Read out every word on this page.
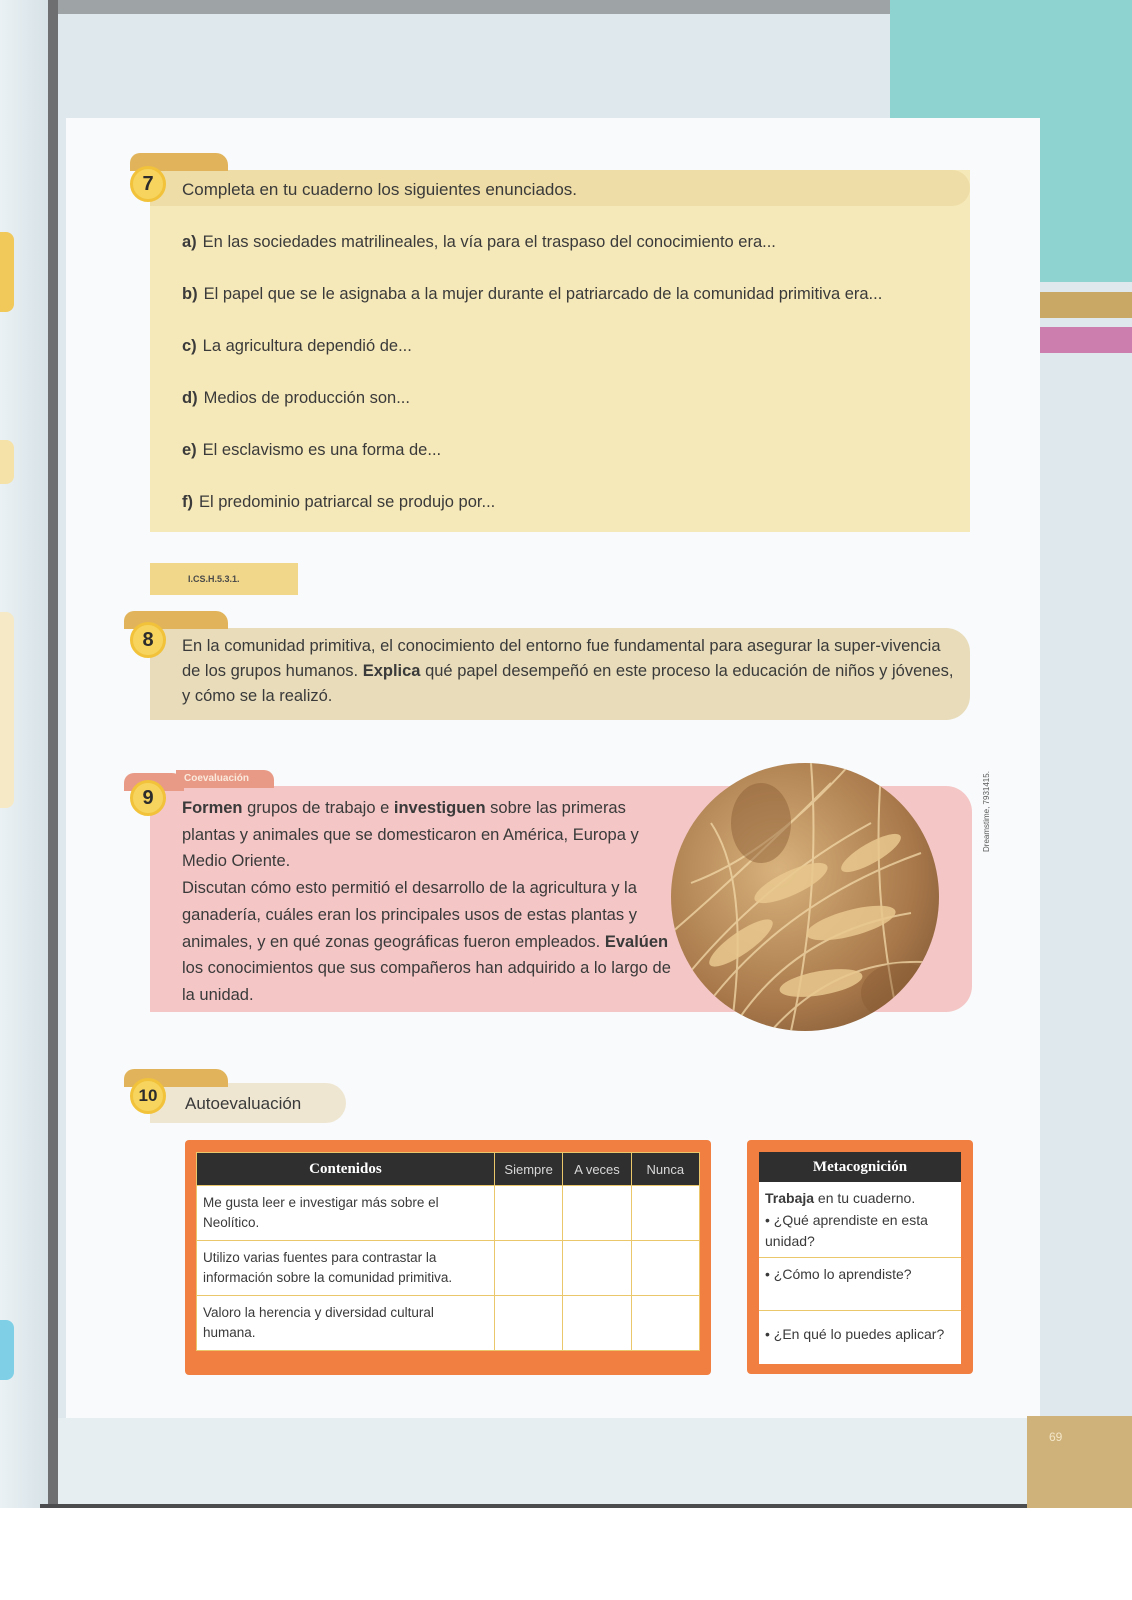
69
7	Completa en tu cuaderno los siguientes enunciados.
a) En las sociedades matrilineales, la vía para el traspaso del conocimiento era...
b) El papel que se le asignaba a la mujer durante el patriarcado de la comunidad primitiva era...
c) La agricultura dependió de...
d) Medios de producción son...
e) El esclavismo es una forma de...
f) El predominio patriarcal se produjo por...
I.CS.H.5.3.1.
8	En la comunidad primitiva, el conocimiento del entorno fue fundamental para asegurar la super-vivencia de los grupos humanos. Explica qué papel desempeñó en este proceso la educación de niños y jóvenes, y cómo se la realizó.
Coevaluación
9	Formen grupos de trabajo e investiguen sobre las primeras plantas y animales que se domesticaron en América, Europa y Medio Oriente.
Discutan cómo esto permitió el desarrollo de la agricultura y la ganadería, cuáles eran los principales usos de estas plantas y animales, y en qué zonas geográficas fueron empleados. Evalúen los conocimientos que sus compañeros han adquirido a lo largo de la unidad.
Dreamstime, 7931415.
10	Autoevaluación
Contenidos	Siempre	A veces	Nunca
Me gusta leer e investigar más sobre el Neolítico.			
Utilizo varias fuentes para contrastar la información sobre la comunidad primitiva.			
Valoro la herencia y diversidad cultural humana.			
Metacognición
Trabaja en tu cuaderno.
• ¿Qué aprendiste en esta unidad?
• ¿Cómo lo aprendiste?
• ¿En qué lo puedes aplicar?
